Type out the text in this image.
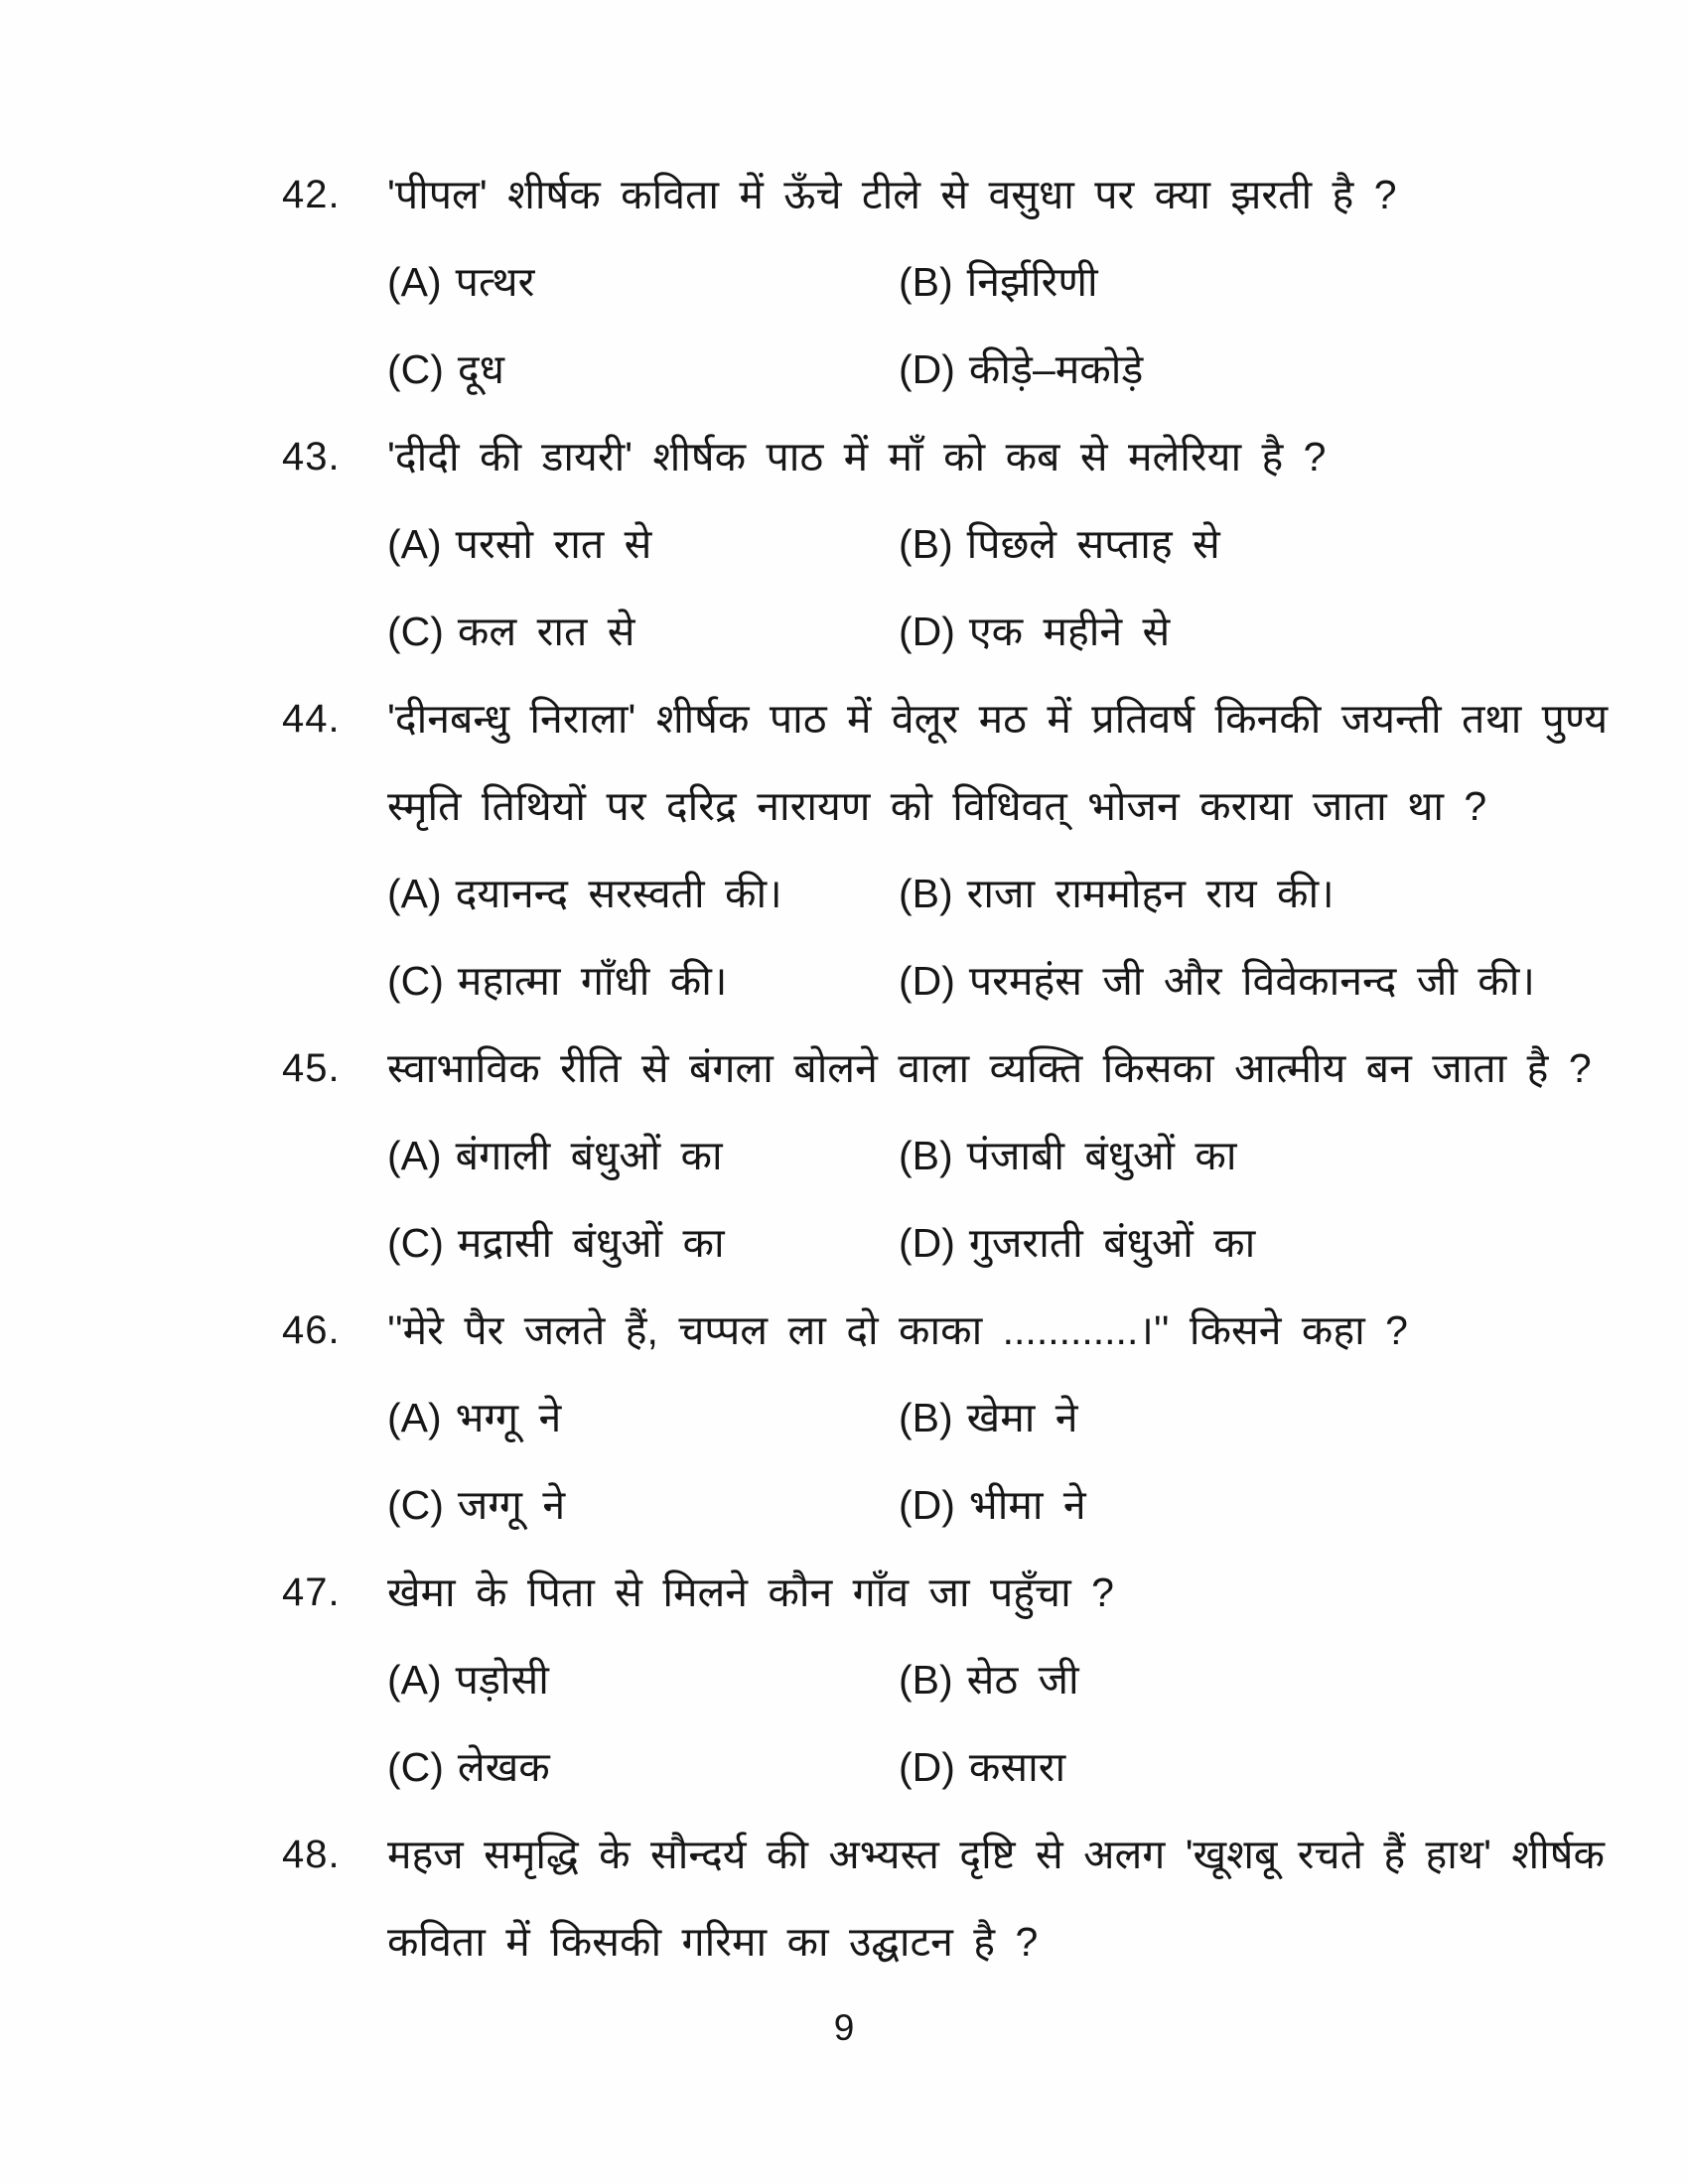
42. 'पीपल' शीर्षक कविता में ऊँचे टीले से वसुधा पर क्या झरती है ?
(A) पत्थर	(B) निर्झरिणी
(C) दूध	(D) कीड़े–मकोड़े
43. 'दीदी की डायरी' शीर्षक पाठ में माँ को कब से मलेरिया है ?
(A) परसो रात से	(B) पिछले सप्ताह से
(C) कल रात से	(D) एक महीने से
44. 'दीनबन्धु निराला' शीर्षक पाठ में वेलूर मठ में प्रतिवर्ष किनकी जयन्ती तथा पुण्य
स्मृति तिथियों पर दरिद्र नारायण को विधिवत् भोजन कराया जाता था ?
(A) दयानन्द सरस्वती की।	(B) राजा राममोहन राय की।
(C) महात्मा गाँधी की।	(D) परमहंस जी और विवेकानन्द जी की।
45. स्वाभाविक रीति से बंगला बोलने वाला व्यक्ति किसका आत्मीय बन जाता है ?
(A) बंगाली बंधुओं का	(B) पंजाबी बंधुओं का
(C) मद्रासी बंधुओं का	(D) गुजराती बंधुओं का
46. ''मेरे पैर जलते हैं, चप्पल ला दो काका ............।'' किसने कहा ?
(A) भग्गू ने	(B) खेमा ने
(C) जग्गू ने	(D) भीमा ने
47. खेमा के पिता से मिलने कौन गाँव जा पहुँचा ?
(A) पड़ोसी	(B) सेठ जी
(C) लेखक	(D) कसारा
48. महज समृद्धि के सौन्दर्य की अभ्यस्त दृष्टि से अलग 'खूशबू रचते हैं हाथ' शीर्षक
कविता में किसकी गरिमा का उद्घाटन है ?
9
